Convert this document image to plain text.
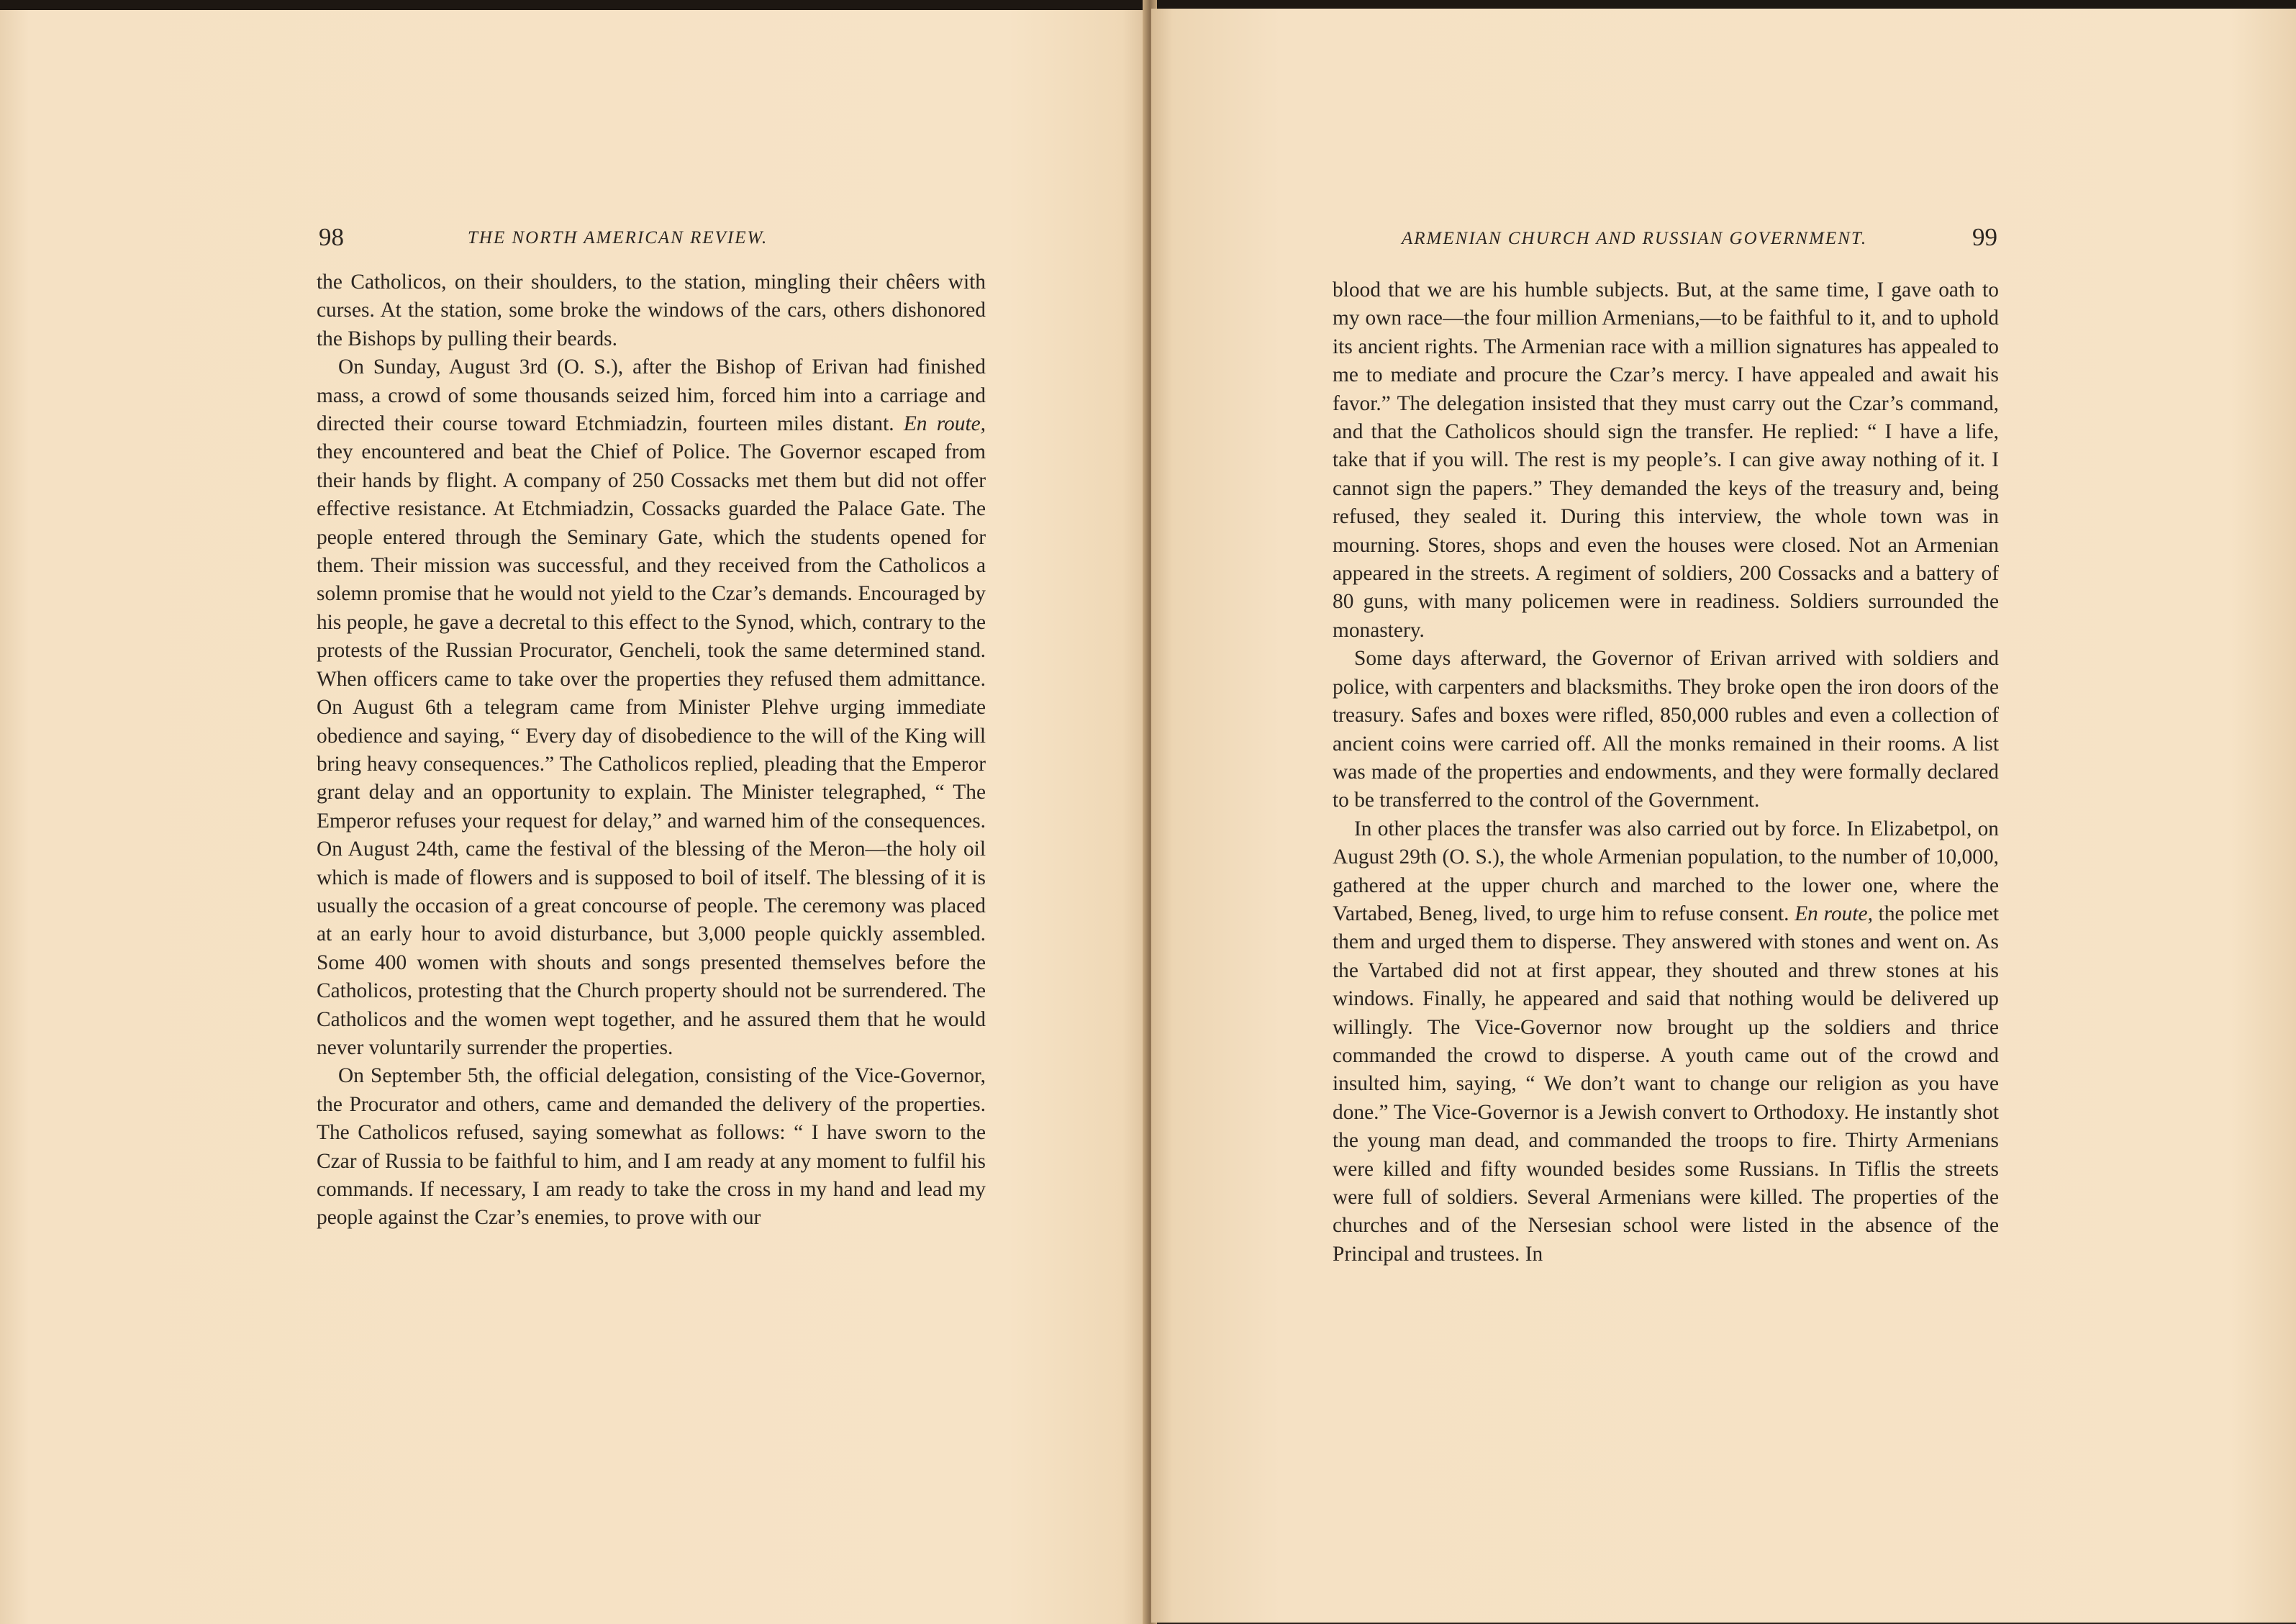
98	THE NORTH AMERICAN REVIEW.

the Catholicos, on their shoulders, to the station, mingling their chêers with curses. At the station, some broke the windows of the cars, others dishonored the Bishops by pulling their beards.

On Sunday, August 3rd (O. S.), after the Bishop of Erivan had finished mass, a crowd of some thousands seized him, forced him into a carriage and directed their course toward Etchmiadzin, fourteen miles distant. En route, they encountered and beat the Chief of Police. The Governor escaped from their hands by flight. A company of 250 Cossacks met them but did not offer effective resistance. At Etchmiadzin, Cossacks guarded the Palace Gate. The people entered through the Seminary Gate, which the students opened for them. Their mission was successful, and they received from the Catholicos a solemn promise that he would not yield to the Czar’s demands. Encouraged by his people, he gave a decretal to this effect to the Synod, which, contrary to the protests of the Russian Procurator, Gencheli, took the same determined stand. When officers came to take over the properties they refused them admittance. On August 6th a telegram came from Minister Plehve urging immediate obedience and saying, “ Every day of disobedience to the will of the King will bring heavy consequences.” The Catholicos replied, pleading that the Emperor grant delay and an opportunity to explain. The Minister telegraphed, “ The Emperor refuses your request for delay,” and warned him of the consequences. On August 24th, came the festival of the blessing of the Meron—the holy oil which is made of flowers and is supposed to boil of itself. The blessing of it is usually the occasion of a great concourse of people. The ceremony was placed at an early hour to avoid disturbance, but 3,000 people quickly assembled. Some 400 women with shouts and songs presented themselves before the Catholicos, protesting that the Church property should not be surrendered. The Catholicos and the women wept together, and he assured them that he would never voluntarily surrender the properties.

On September 5th, the official delegation, consisting of the Vice-Governor, the Procurator and others, came and demanded the delivery of the properties. The Catholicos refused, saying somewhat as follows: “ I have sworn to the Czar of Russia to be faithful to him, and I am ready at any moment to fulfil his commands. If necessary, I am ready to take the cross in my hand and lead my people against the Czar’s enemies, to prove with our

ARMENIAN CHURCH AND RUSSIAN GOVERNMENT.	99

blood that we are his humble subjects. But, at the same time, I gave oath to my own race—the four million Armenians,—to be faithful to it, and to uphold its ancient rights. The Armenian race with a million signatures has appealed to me to mediate and procure the Czar’s mercy. I have appealed and await his favor.” The delegation insisted that they must carry out the Czar’s command, and that the Catholicos should sign the transfer. He replied: “ I have a life, take that if you will. The rest is my people’s. I can give away nothing of it. I cannot sign the papers.” They demanded the keys of the treasury and, being refused, they sealed it. During this interview, the whole town was in mourning. Stores, shops and even the houses were closed. Not an Armenian appeared in the streets. A regiment of soldiers, 200 Cossacks and a battery of 80 guns, with many policemen were in readiness. Soldiers surrounded the monastery.

Some days afterward, the Governor of Erivan arrived with soldiers and police, with carpenters and blacksmiths. They broke open the iron doors of the treasury. Safes and boxes were rifled, 850,000 rubles and even a collection of ancient coins were carried off. All the monks remained in their rooms. A list was made of the properties and endowments, and they were formally declared to be transferred to the control of the Government.

In other places the transfer was also carried out by force. In Elizabetpol, on August 29th (O. S.), the whole Armenian population, to the number of 10,000, gathered at the upper church and marched to the lower one, where the Vartabed, Beneg, lived, to urge him to refuse consent. En route, the police met them and urged them to disperse. They answered with stones and went on. As the Vartabed did not at first appear, they shouted and threw stones at his windows. Finally, he appeared and said that nothing would be delivered up willingly. The Vice-Governor now brought up the soldiers and thrice commanded the crowd to disperse. A youth came out of the crowd and insulted him, saying, “ We don’t want to change our religion as you have done.” The Vice-Governor is a Jewish convert to Orthodoxy. He instantly shot the young man dead, and commanded the troops to fire. Thirty Armenians were killed and fifty wounded besides some Russians. In Tiflis the streets were full of soldiers. Several Armenians were killed. The properties of the churches and of the Nersesian school were listed in the absence of the Principal and trustees. In
